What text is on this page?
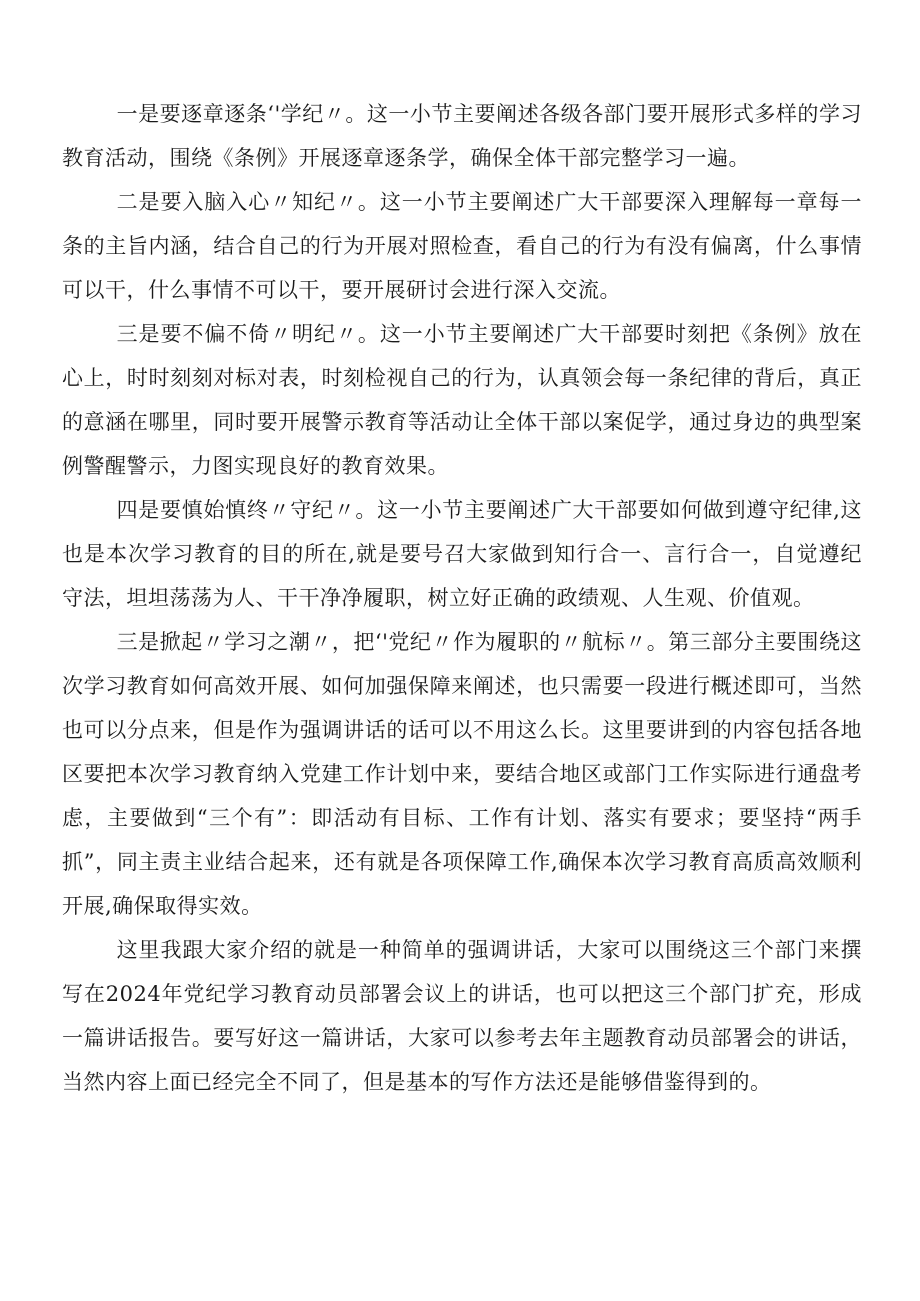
一是要逐章逐条‘'学纪〃。这一小节主要阐述各级各部门要开展形式多样的学习教育活动，围绕《条例》开展逐章逐条学，确保全体干部完整学习一遍。

二是要入脑入心〃知纪〃。这一小节主要阐述广大干部要深入理解每一章每一条的主旨内涵，结合自己的行为开展对照检查，看自己的行为有没有偏离，什么事情可以干，什么事情不可以干，要开展研讨会进行深入交流。

三是要不偏不倚〃明纪〃。这一小节主要阐述广大干部要时刻把《条例》放在心上，时时刻刻对标对表，时刻检视自己的行为，认真领会每一条纪律的背后，真正的意涵在哪里，同时要开展警示教育等活动让全体干部以案促学，通过身边的典型案例警醒警示，力图实现良好的教育效果。

四是要慎始慎终〃守纪〃。这一小节主要阐述广大干部要如何做到遵守纪律,这也是本次学习教育的目的所在,就是要号召大家做到知行合一、言行合一，自觉遵纪守法，坦坦荡荡为人、干干净净履职，树立好正确的政绩观、人生观、价值观。

三是掀起〃学习之潮〃，把‘'党纪〃作为履职的〃航标〃。第三部分主要围绕这次学习教育如何高效开展、如何加强保障来阐述，也只需要一段进行概述即可，当然也可以分点来，但是作为强调讲话的话可以不用这么长。这里要讲到的内容包括各地区要把本次学习教育纳入党建工作计划中来，要结合地区或部门工作实际进行通盘考虑，主要做到“三个有”：即活动有目标、工作有计划、落实有要求；要坚持“两手抓”，同主责主业结合起来，还有就是各项保障工作,确保本次学习教育高质高效顺利开展,确保取得实效。

这里我跟大家介绍的就是一种简单的强调讲话，大家可以围绕这三个部门来撰写在2024年党纪学习教育动员部署会议上的讲话，也可以把这三个部门扩充，形成一篇讲话报告。要写好这一篇讲话，大家可以参考去年主题教育动员部署会的讲话，当然内容上面已经完全不同了，但是基本的写作方法还是能够借鉴得到的。
